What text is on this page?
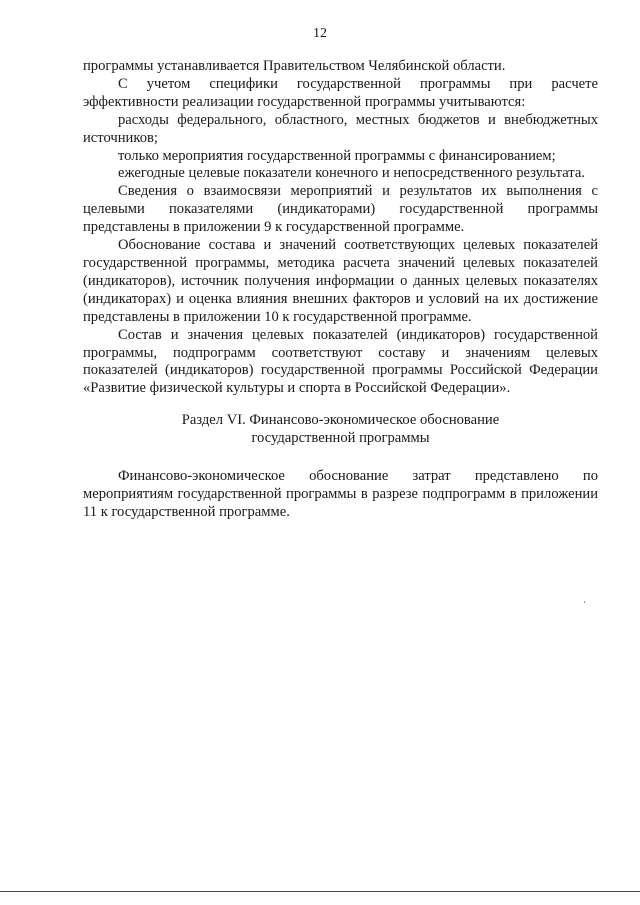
12

программы устанавливается Правительством Челябинской области.

С учетом специфики государственной программы при расчете эффективности реализации государственной программы учитываются:

расходы федерального, областного, местных бюджетов и внебюджетных источников;

только мероприятия государственной программы с финансированием;

ежегодные целевые показатели конечного и непосредственного результата.

Сведения о взаимосвязи мероприятий и результатов их выполнения с целевыми показателями (индикаторами) государственной программы представлены в приложении 9 к государственной программе.

Обоснование состава и значений соответствующих целевых показателей государственной программы, методика расчета значений целевых показателей (индикаторов), источник получения информации о данных целевых показателях (индикаторах) и оценка влияния внешних факторов и условий на их достижение представлены в приложении 10 к государственной программе.

Состав и значения целевых показателей (индикаторов) государственной программы, подпрограмм соответствуют составу и значениям целевых показателей (индикаторов) государственной программы Российской Федерации «Развитие физической культуры и спорта в Российской Федерации».

Раздел VI. Финансово-экономическое обоснование
государственной программы

Финансово-экономическое обоснование затрат представлено по мероприятиям государственной программы в разрезе подпрограмм в приложении 11 к государственной программе.
